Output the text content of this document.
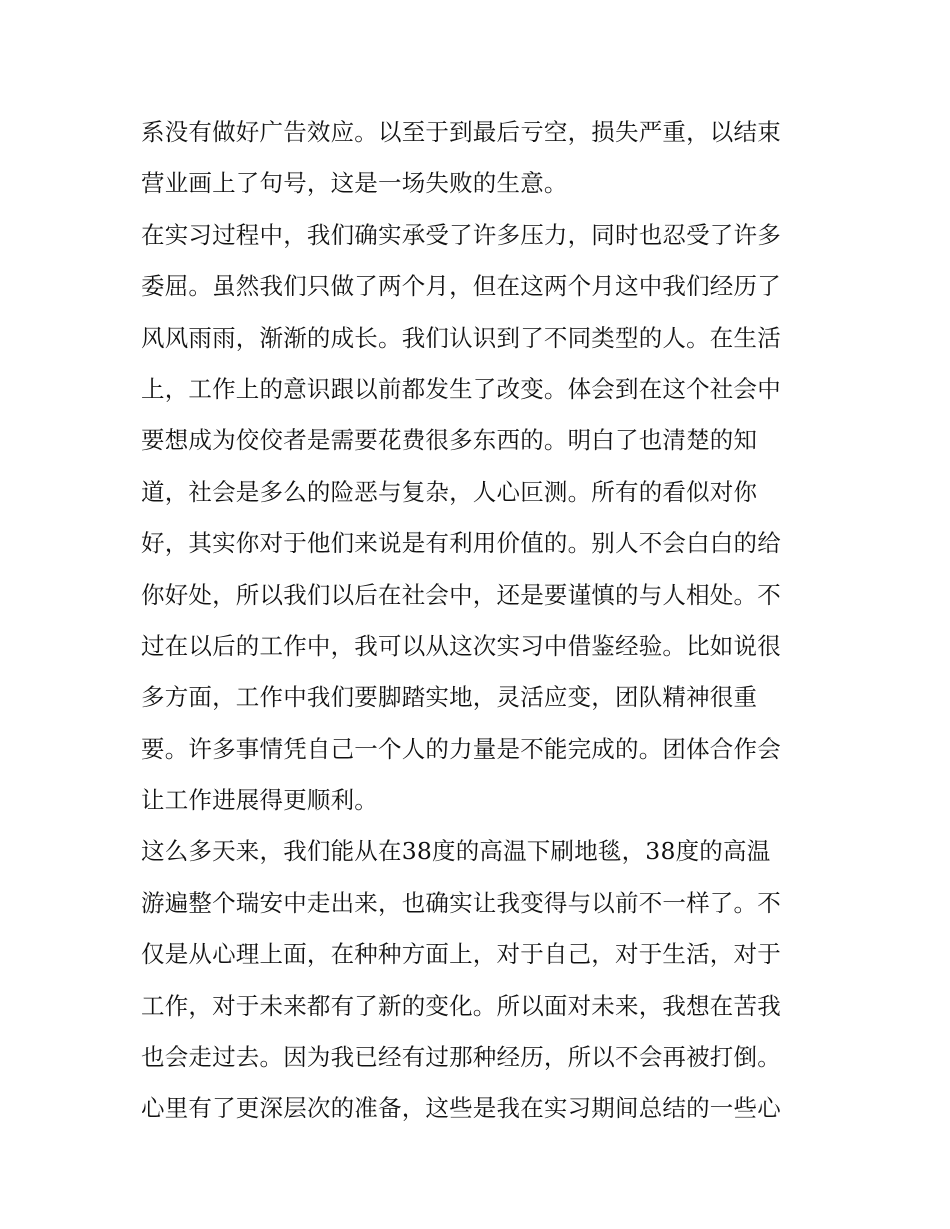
系没有做好广告效应。以至于到最后亏空，损失严重，以结束
营业画上了句号，这是一场失败的生意。
在实习过程中，我们确实承受了许多压力，同时也忍受了许多
委屈。虽然我们只做了两个月，但在这两个月这中我们经历了
风风雨雨，渐渐的成长。我们认识到了不同类型的人。在生活
上，工作上的意识跟以前都发生了改变。体会到在这个社会中
要想成为佼佼者是需要花费很多东西的。明白了也清楚的知
道，社会是多么的险恶与复杂，人心叵测。所有的看似对你
好，其实你对于他们来说是有利用价值的。别人不会白白的给
你好处，所以我们以后在社会中，还是要谨慎的与人相处。不
过在以后的工作中，我可以从这次实习中借鉴经验。比如说很
多方面，工作中我们要脚踏实地，灵活应变，团队精神很重
要。许多事情凭自己一个人的力量是不能完成的。团体合作会
让工作进展得更顺利。
这么多天来，我们能从在38度的高温下刷地毯，38度的高温
游遍整个瑞安中走出来，也确实让我变得与以前不一样了。不
仅是从心理上面，在种种方面上，对于自己，对于生活，对于
工作，对于未来都有了新的变化。所以面对未来，我想在苦我
也会走过去。因为我已经有过那种经历，所以不会再被打倒。
心里有了更深层次的准备，这些是我在实习期间总结的一些心
